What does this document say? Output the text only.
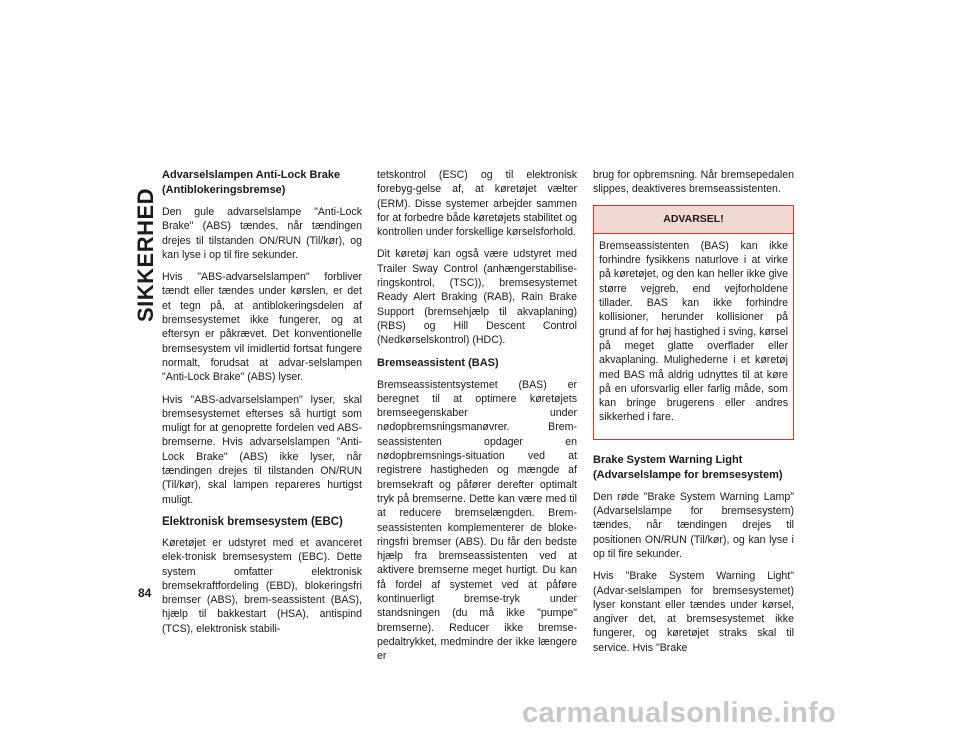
SIKKERHED
Advarselslampen Anti-Lock Brake (Antiblokeringsbremse)

Den gule advarselslampe "Anti-Lock Brake" (ABS) tændes, når tændingen drejes til tilstanden ON/RUN (Til/kør), og kan lyse i op til fire sekunder.

Hvis "ABS-advarselslampen" forbliver tændt eller tændes under kørslen, er det et tegn på, at antiblokeringsdelen af bremsesystemet ikke fungerer, og at eftersyn er påkrævet. Det konventionelle bremsesystem vil imidlertid fortsat fungere normalt, forudsat at advar-selslampen "Anti-Lock Brake" (ABS) lyser.

Hvis "ABS-advarselslampen" lyser, skal bremsesystemet efterses så hurtigt som muligt for at genoprette fordelen ved ABS-bremserne. Hvis advarselslampen "Anti-Lock Brake" (ABS) ikke lyser, når tændingen drejes til tilstanden ON/RUN (Til/kør), skal lampen repareres hurtigst muligt.

Elektronisk bremsesystem (EBC)

Køretøjet er udstyret med et avanceret elek-tronisk bremsesystem (EBC). Dette system omfatter elektronisk bremsekraftfordeling (EBD), blokeringsfri bremser (ABS), brem-seassistent (BAS), hjælp til bakkestart (HSA), antispind (TCS), elektronisk stabili-

tetskontrol (ESC) og til elektronisk forebyg-gelse af, at køretøjet vælter (ERM). Disse systemer arbejder sammen for at forbedre både køretøjets stabilitet og kontrollen under forskellige kørselsforhold.

Dit køretøj kan også være udstyret med Trailer Sway Control (anhængerstabilise-ringskontrol, (TSC)), bremsesystemet Ready Alert Braking (RAB), Rain Brake Support (bremsehjælp til akvaplaning) (RBS) og Hill Descent Control (Nedkørselskontrol) (HDC).

Bremseassistent (BAS)

Bremseassistentsystemet (BAS) er beregnet til at optimere køretøjets bremseegenskaber under nødopbremsningsmanøvrer. Brem-seassistenten opdager en nødopbremsnings-situation ved at registrere hastigheden og mængde af bremsekraft og påfører derefter optimalt tryk på bremserne. Dette kan være med til at reducere bremselængden. Brem-seassistenten komplementerer de bloke-ringsfri bremser (ABS). Du får den bedste hjælp fra bremseassistenten ved at aktivere bremserne meget hurtigt. Du kan få fordel af systemet ved at påføre kontinuerligt bremse-tryk under standsningen (du må ikke "pumpe" bremserne). Reducer ikke bremse-pedaltrykket, medmindre der ikke længere er

brug for opbremsning. Når bremsepedalen slippes, deaktiveres bremseassistenten.

ADVARSEL!

Bremseassistenten (BAS) kan ikke forhindre fysikkens naturlove i at virke på køretøjet, og den kan heller ikke give større vejgreb, end vejforholdene tillader. BAS kan ikke forhindre kollisioner, herunder kollisioner på grund af for høj hastighed i sving, kørsel på meget glatte overflader eller akvaplaning. Mulighederne i et køretøj med BAS må aldrig udnyttes til at køre på en uforsvarlig eller farlig måde, som kan bringe brugerens eller andres sikkerhed i fare.

Brake System Warning Light (Advarselslampe for bremsesystem)

Den røde "Brake System Warning Lamp" (Advarselslampe for bremsesystem) tændes, når tændingen drejes til positionen ON/RUN (Til/kør), og kan lyse i op til fire sekunder.

Hvis "Brake System Warning Light" (Advar-selslampen for bremsesystemet) lyser konstant eller tændes under kørsel, angiver det, at bremsesystemet ikke fungerer, og køretøjet straks skal til service. Hvis "Brake

84
carmanualsonline.info
